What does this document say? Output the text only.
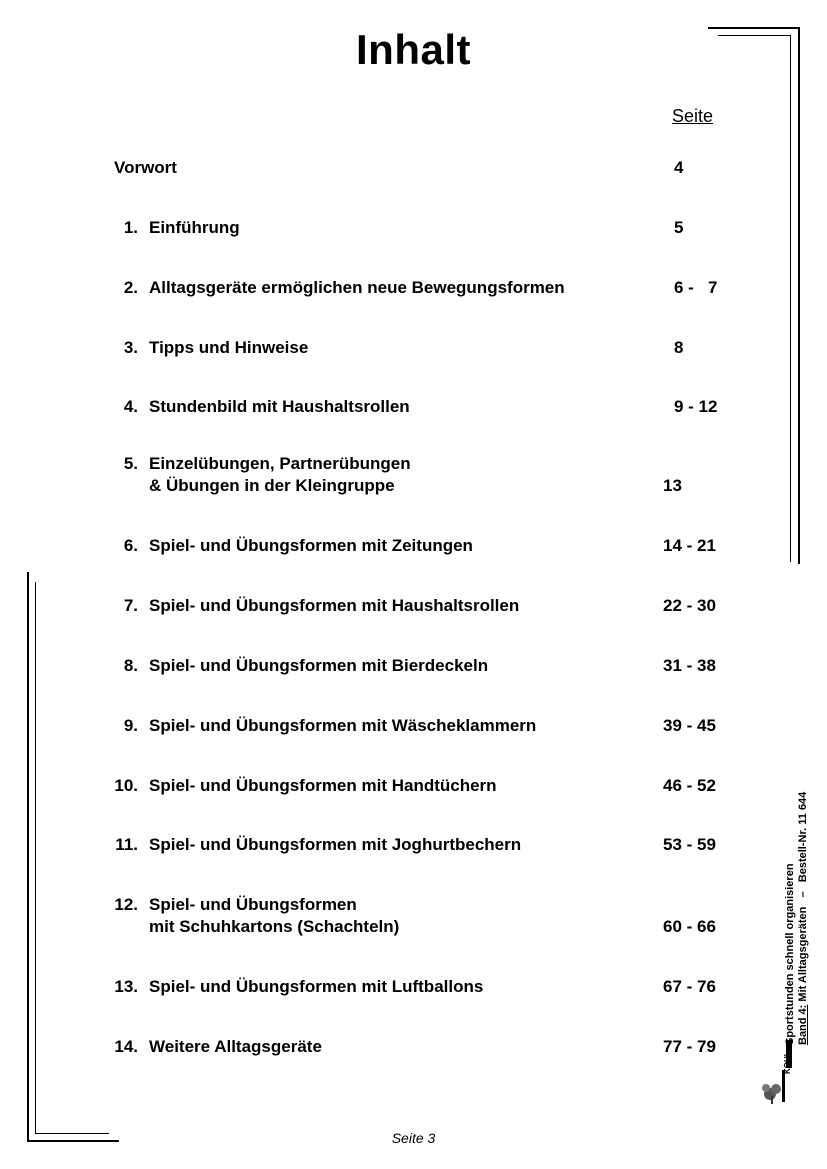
Inhalt
Seite
Vorwort	4
1. Einführung	5
2. Alltagsgeräte ermöglichen neue Bewegungsformen	6 -   7
3. Tipps und Hinweise	8
4. Stundenbild mit Haushaltsrollen	9 - 12
5. Einzelübungen, Partnerübungen
& Übungen in der Kleingruppe	13
6. Spiel- und Übungsformen mit Zeitungen	14 - 21
7. Spiel- und Übungsformen mit Haushaltsrollen	22 - 30
8. Spiel- und Übungsformen mit Bierdeckeln	31 - 38
9. Spiel- und Übungsformen mit Wäscheklammern	39 - 45
10. Spiel- und Übungsformen mit Handtüchern	46 - 52
11. Spiel- und Übungsformen mit Joghurtbechern	53 - 59
12. Spiel- und Übungsformen
mit Schuhkartons (Schachteln)	60 - 66
13. Spiel- und Übungsformen mit Luftballons	67 - 76
14. Weitere Alltagsgeräte	77 - 79
Seite 3
KOHL
Sportstunden schnell organisieren Band 4: Mit Alltagsgeräten   –   Bestell-Nr. 11 644
